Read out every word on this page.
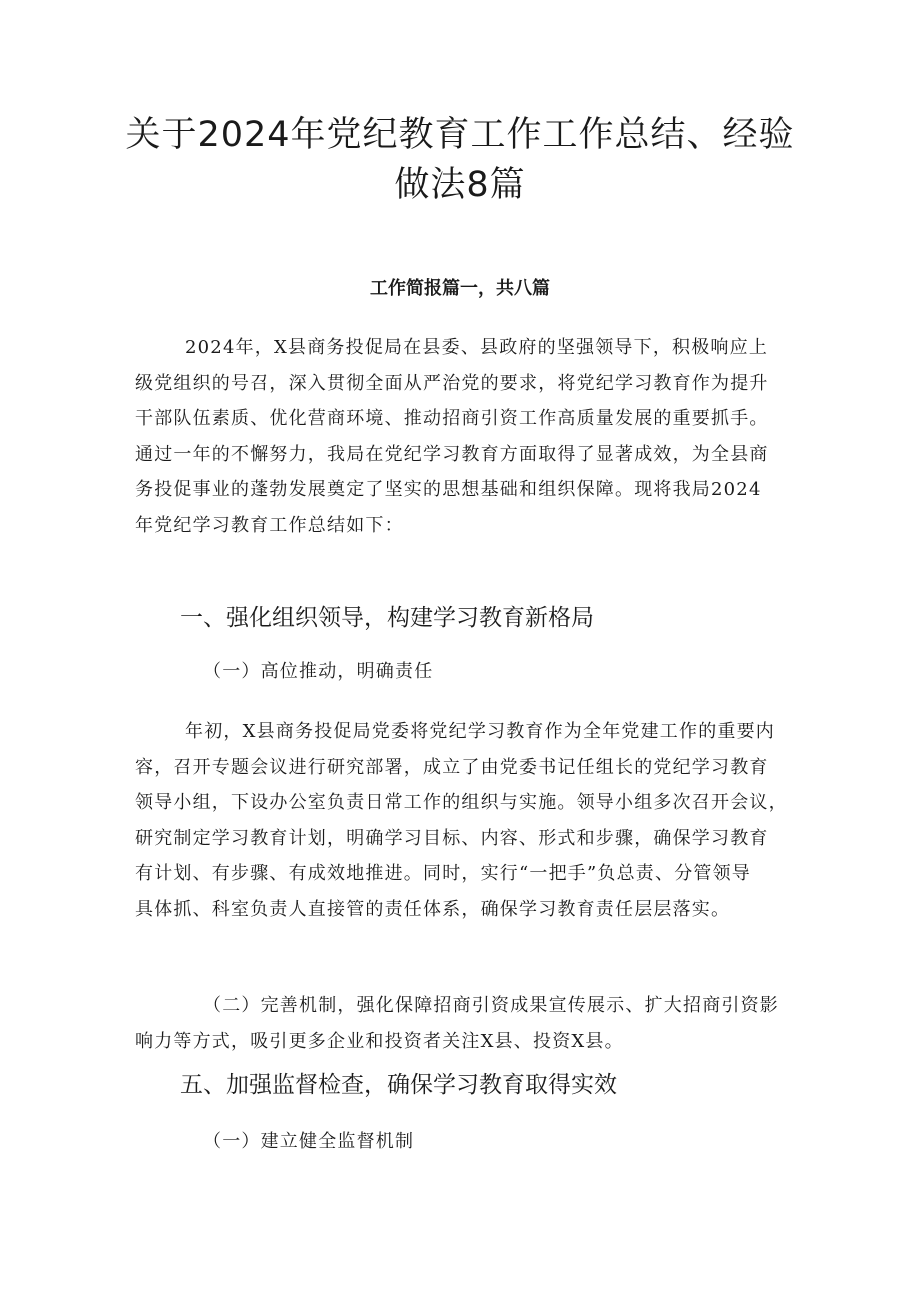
关于2024年党纪教育工作工作总结、经验
做法8篇
工作简报篇一，共八篇

2024年，X县商务投促局在县委、县政府的坚强领导下，积极响应上
级党组织的号召，深入贯彻全面从严治党的要求，将党纪学习教育作为提升
干部队伍素质、优化营商环境、推动招商引资工作高质量发展的重要抓手。
通过一年的不懈努力，我局在党纪学习教育方面取得了显著成效，为全县商
务投促事业的蓬勃发展奠定了坚实的思想基础和组织保障。现将我局2024
年党纪学习教育工作总结如下：

一、强化组织领导，构建学习教育新格局
（一）高位推动，明确责任

年初，X县商务投促局党委将党纪学习教育作为全年党建工作的重要内
容，召开专题会议进行研究部署，成立了由党委书记任组长的党纪学习教育
领导小组，下设办公室负责日常工作的组织与实施。领导小组多次召开会议，
研究制定学习教育计划，明确学习目标、内容、形式和步骤，确保学习教育
有计划、有步骤、有成效地推进。同时，实行“一把手”负总责、分管领导
具体抓、科室负责人直接管的责任体系，确保学习教育责任层层落实。

（二）完善机制，强化保障招商引资成果宣传展示、扩大招商引资影
响力等方式，吸引更多企业和投资者关注X县、投资X县。

五、加强监督检查，确保学习教育取得实效
（一）建立健全监督机制
